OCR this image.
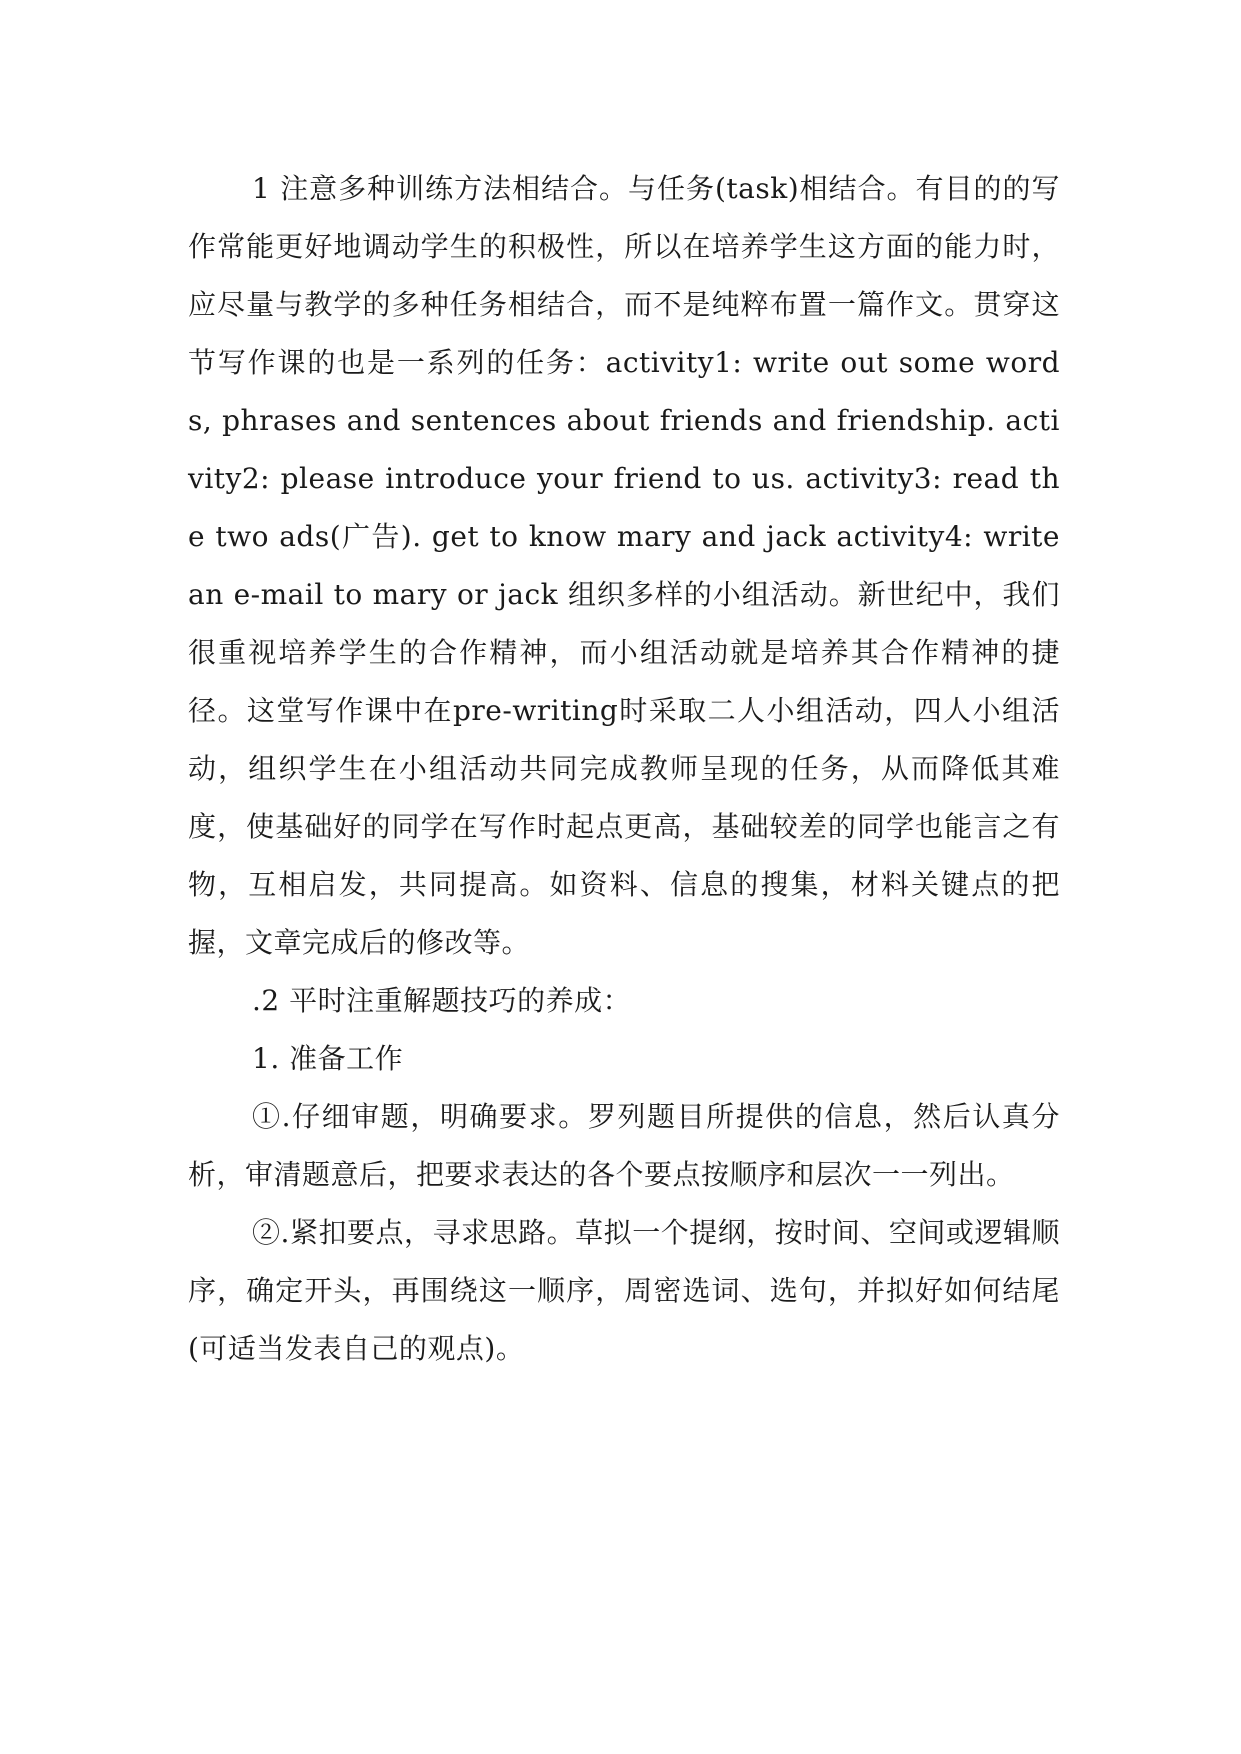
1 注意多种训练方法相结合。与任务(task)相结合。有目的的写作常能更好地调动学生的积极性，所以在培养学生这方面的能力时，应尽量与教学的多种任务相结合，而不是纯粹布置一篇作文。贯穿这节写作课的也是一系列的任务：activity1: write out some words, phrases and sentences about friends and friendship. activity2: please introduce your friend to us. activity3: read the two ads(广告). get to know mary and jack activity4: write an e-mail to mary or jack 组织多样的小组活动。新世纪中，我们很重视培养学生的合作精神，而小组活动就是培养其合作精神的捷径。这堂写作课中在pre-writing时采取二人小组活动，四人小组活动，组织学生在小组活动共同完成教师呈现的任务，从而降低其难度，使基础好的同学在写作时起点更高，基础较差的同学也能言之有物，互相启发，共同提高。如资料、信息的搜集，材料关键点的把握，文章完成后的修改等。

.2 平时注重解题技巧的养成：

1. 准备工作

①.仔细审题，明确要求。罗列题目所提供的信息，然后认真分析，审清题意后，把要求表达的各个要点按顺序和层次一一列出。

②.紧扣要点，寻求思路。草拟一个提纲，按时间、空间或逻辑顺序，确定开头，再围绕这一顺序，周密选词、选句，并拟好如何结尾(可适当发表自己的观点)。
